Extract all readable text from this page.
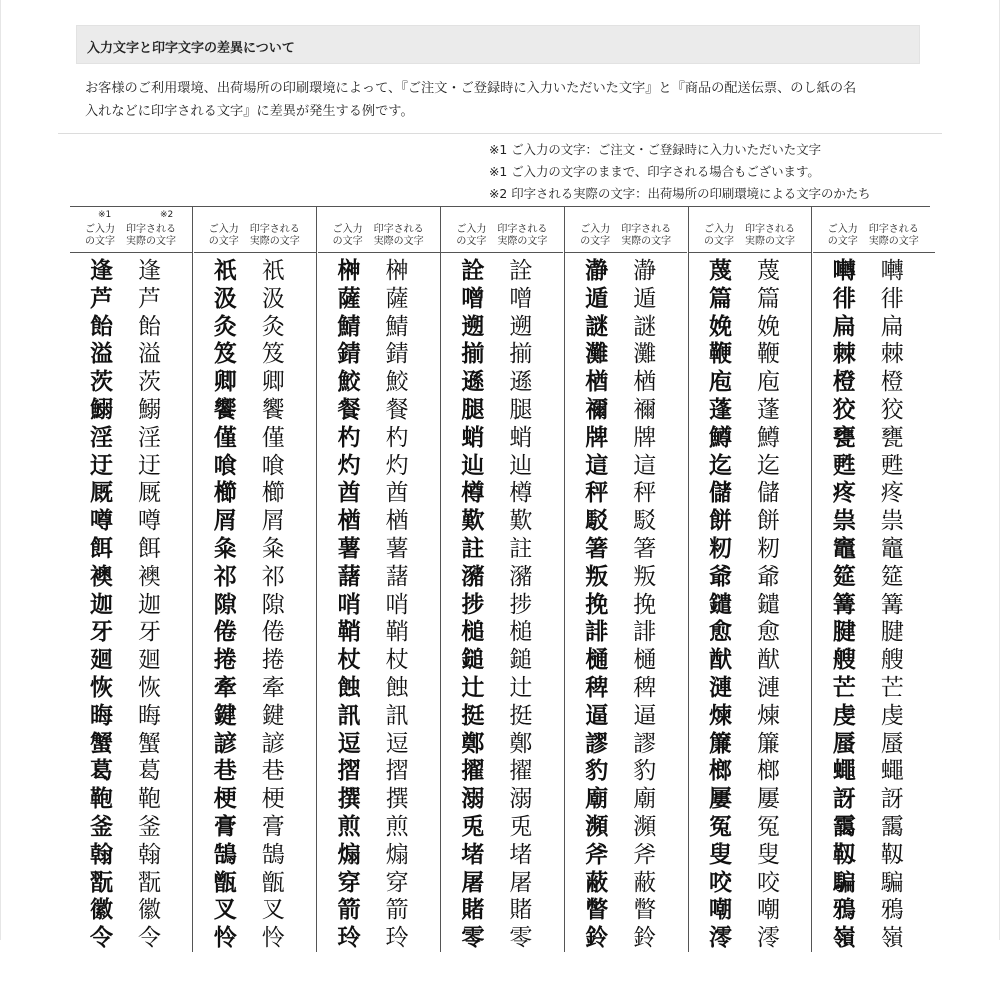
入力文字と印字文字の差異について
お客様のご利用環境、出荷場所の印刷環境によって、『ご注文・ご登録時に入力いただいた文字』と『商品の配送伝票、のし紙の名
入れなどに印字される文字』に差異が発生する例です。
※1 ご入力の文字：ご注文・ご登録時に入力いただいた文字
※1 ご入力の文字のままで、印字される場合もございます。
※2 印字される実際の文字：出荷場所の印刷環境による文字のかたち
ご入力
の文字
印字される
実際の文字
※1	※2
逢 逢
芦 芦
飴 飴
溢 溢
茨 茨
鰯 鰯
淫 淫
迂 迂
厩 厩
噂 噂
餌 餌
襖 襖
迦 迦
牙 牙
廻 廻
恢 恢
晦 晦
蟹 蟹
葛 葛
鞄 鞄
釜 釜
翰 翰
翫 翫
徽 徽
令 令
ご入力
の文字
印字される
実際の文字
祇 祇
汲 汲
灸 灸
笈 笈
卿 卿
饗 饗
僅 僅
喰 喰
櫛 櫛
屑 屑
粂 粂
祁 祁
隙 隙
倦 倦
捲 捲
牽 牽
鍵 鍵
諺 諺
巷 巷
梗 梗
膏 膏
鵠 鵠
甑 甑
叉 叉
怜 怜
ご入力
の文字
印字される
実際の文字
榊 榊
薩 薩
鯖 鯖
錆 錆
鮫 鮫
餐 餐
杓 杓
灼 灼
酋 酋
楢 楢
薯 薯
藷 藷
哨 哨
鞘 鞘
杖 杖
蝕 蝕
訊 訊
逗 逗
摺 摺
撰 撰
煎 煎
煽 煽
穿 穿
箭 箭
玲 玲
ご入力
の文字
印字される
実際の文字
詮 詮
噌 噌
遡 遡
揃 揃
遜 遜
腿 腿
蛸 蛸
辿 辿
樽 樽
歎 歎
註 註
瀦 瀦
捗 捗
槌 槌
鎚 鎚
辻 辻
挺 挺
鄭 鄭
擢 擢
溺 溺
兎 兎
堵 堵
屠 屠
賭 賭
零 零
ご入力
の文字
印字される
実際の文字
瀞 瀞
遁 遁
謎 謎
灘 灘
楢 楢
禰 禰
牌 牌
這 這
秤 秤
駁 駁
箸 箸
叛 叛
挽 挽
誹 誹
樋 樋
稗 稗
逼 逼
謬 謬
豹 豹
廟 廟
瀕 瀕
斧 斧
蔽 蔽
瞥 瞥
鈴 鈴
ご入力
の文字
印字される
実際の文字
蔑 蔑
篇 篇
娩 娩
鞭 鞭
庖 庖
蓬 蓬
鱒 鱒
迄 迄
儲 儲
餅 餅
籾 籾
爺 爺
鑓 鑓
愈 愈
猷 猷
漣 漣
煉 煉
簾 簾
榔 榔
屢 屢
冤 冤
叟 叟
咬 咬
嘲 嘲
澪 澪
ご入力
の文字
印字される
実際の文字
囀 囀
徘 徘
扁 扁
棘 棘
橙 橙
狡 狡
甕 甕
甦 甦
疼 疼
祟 祟
竈 竈
筵 筵
篝 篝
腱 腱
艘 艘
芒 芒
虔 虔
蜃 蜃
蠅 蠅
訝 訝
靄 靄
靱 靱
騙 騙
鴉 鴉
嶺 嶺
